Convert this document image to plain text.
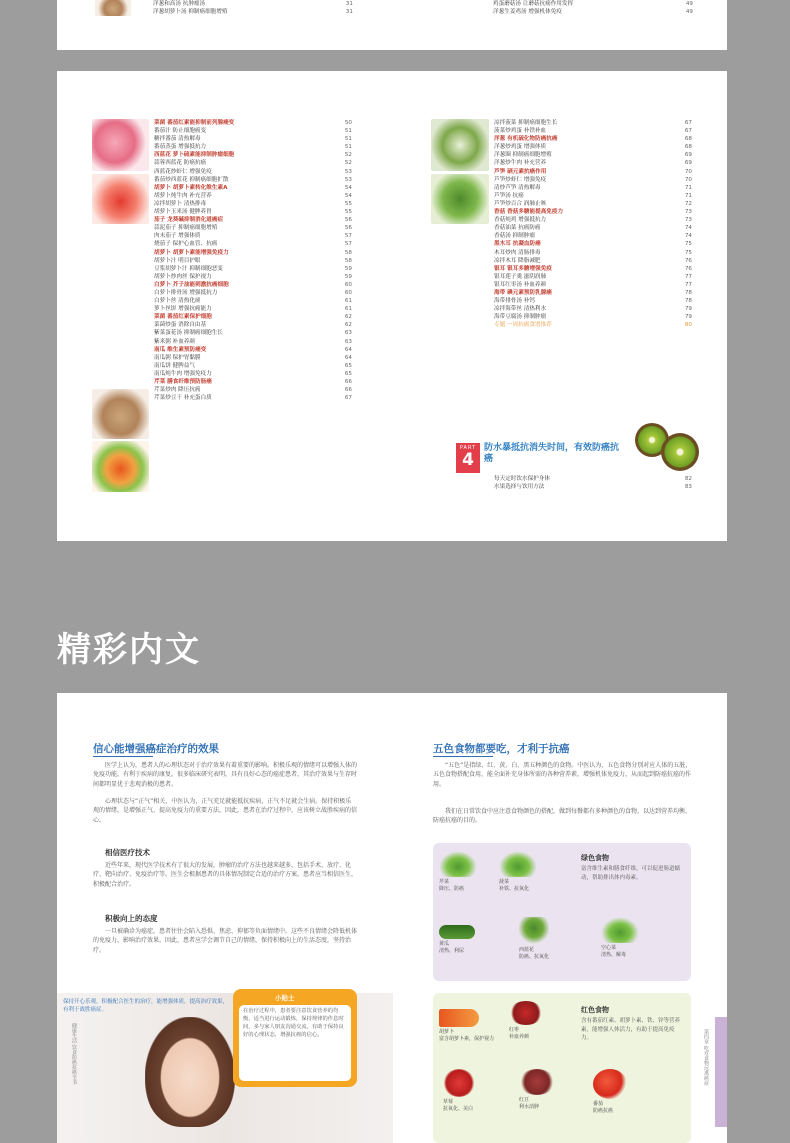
洋葱和高汤 抗肿瘤汤	31
洋葱胡萝卜汤 抑制癌细胞增殖	31
鸡蛋蘑菇汤 让蘑菇抗癌作用发挥	49
洋葱生姜鸡汤 增强机体免疫	49
菜菌 番茄红素能抑制前列腺癌变	50
番茄汁 防止细胞癌变	51
糖拌番茄 清热解毒	51
番茄蒸蛋 增强抵抗力	51
西蓝花 萝卜硫素能抑制肿瘤细胞	52
蒜蓉西蓝花 防癌抗癌	52
西蓝花炒虾仁 增强免疫	53
番茄炒西蓝花 抑制癌细胞扩散	53
胡萝卜 胡萝卜素转化维生素A	54
胡萝卜炖牛肉 补充营养	54
凉拌胡萝卜 清热排毒	55
胡萝卜玉米汤 健脾养胃	55
茄子 龙葵碱抑制消化道癌症	56
蒜泥茄子 抑制癌细胞增殖	56
肉末茄子 增强体质	57
烧茄子 保护心血管、抗癌	57
胡萝卜 胡萝卜素能增强免疫力	58
胡萝卜汁 明目护眼	58
豆浆胡萝卜汁 抑制细胞恶变	59
胡萝卜炒肉丝 保护视力	59
白萝卜 芥子油能刺激抗癌细胞	60
白萝卜排骨汤 增强抵抗力	60
白萝卜丝 清热化痰	61
萝卜丝饼 增强抗癌能力	61
菜菌 番茄红素保护细胞	62
菜菌炒蛋 消除自由基	62
紫菜蛋花汤 抑制癌细胞生长	63
紫米粥 补血养颜	63
南瓜 维生素预防癌变	64
南瓜粥 保护胃黏膜	64
南瓜饼 健脾益气	65
南瓜炖牛肉 增强免疫力	65
芹菜 膳食纤维预防肠癌	66
芹菜炒肉 降压抗癌	66
芹菜炒豆干 补充蛋白质	67
凉拌菠菜 抑制癌细胞生长	67
菠菜炒鸡蛋 补铁补血	67
洋葱 有机硫化物防癌抗癌	68
洋葱炒鸡蛋 增强体质	68
洋葱圈 抑制癌细胞增殖	69
洋葱炒牛肉 补充营养	69
芦笋 硒元素抗癌作用	70
芦笋炒虾仁 增强免疫	70
清炒芦笋 清热解毒	71
芦笋汤 抗癌	71
芦笋炒百合 润肺止咳	72
香菇 香菇多糖能提高免疫力	73
香菇炖鸡 增强抵抗力	73
香菇油菜 抗癌防癌	74
香菇汤 抑制肿瘤	74
黑木耳 抗凝血防癌	75
木耳炒肉 清肠排毒	75
凉拌木耳 降脂减肥	76
银耳 银耳多糖增强免疫	76
银耳莲子羹 滋阴润肺	77
银耳红枣汤 补血养颜	77
海带 碘元素预防乳腺癌	78
海带排骨汤 补钙	78
凉拌海带丝 清热利水	79
海带豆腐汤 抑制肿瘤	79
专题 一周抗癌食谱推荐	80
PART
4
防水暴抵抗消失时间，有效防癌抗癌
每天定时饮水保护身体	82
水果选择与饮用方法	83
精彩内文
信心能增强癌症治疗的效果

医学上认为，患者人的心理状态对于治疗效果有着重要的影响。积极乐观的情绪可以增强人体的免疫功能，有利于疾病的康复。很多临床研究表明，具有良好心态的癌症患者，其治疗效果与生存时间都明显优于悲观消极的患者。

心理状态与“正气”相关，中医认为，正气充足就能抵抗疾病，正气不足就会生病。保持积极乐观的情绪，是增强正气、提高免疫力的重要方法，因此，患者在治疗过程中，应该树立战胜疾病的信心。

相信医疗技术

近些年来，现代医学技术有了很大的发展，肿瘤的治疗方法也越来越多，包括手术、放疗、化疗、靶向治疗、免疫治疗等。医生会根据患者的具体情况制定合适的治疗方案，患者应当相信医生，积极配合治疗。

积极向上的态度

一旦被确诊为癌症，患者往往会陷入恐惧、焦虑、抑郁等负面情绪中。这些不良情绪会降低机体的免疫力，影响治疗效果。因此，患者应学会调节自己的情绪，保持积极向上的生活态度，坚持治疗。

保持开心乐观，积极配合医生的治疗，能增强体质，提高治疗效果，有利于战胜癌症。

小贴士

在治疗过程中，患者要注意饮食营养的均衡，适当进行运动锻炼，保持规律的作息时间，多与家人朋友沟通交流，有助于保持良好的心理状态，增强抗癌的信心。

五色食物都要吃，才利于抗癌

“五色”是指绿、红、黄、白、黑五种颜色的食物。中医认为，五色食物分别对应人体的五脏，五色食物搭配食用，能全面补充身体所需的各种营养素，增强机体免疫力，从而起到防癌抗癌的作用。

我们在日常饮食中应注意食物颜色的搭配，做到每餐都有多种颜色的食物，以达到营养均衡、防癌抗癌的目的。

绿色食物
富含维生素和膳食纤维，可以促进肠道蠕动，帮助排出体内毒素。
芹菜
降压、防癌
菠菜
补铁、抗氧化
黄瓜
清热、利尿	西蓝花
防癌、抗氧化
空心菜
清热、解毒
红色食物
含有番茄红素、胡萝卜素、铁、锌等营养素，能增强人体活力，有助于提高免疫力。
胡萝卜
富含胡萝卜素，保护视力
红枣
补血养颜
草莓
抗氧化、美白
红豆
利水消肿	番茄
防癌抗癌
健康生活 饮食防癌抗癌全书	第四章 吃对食物远离癌症
